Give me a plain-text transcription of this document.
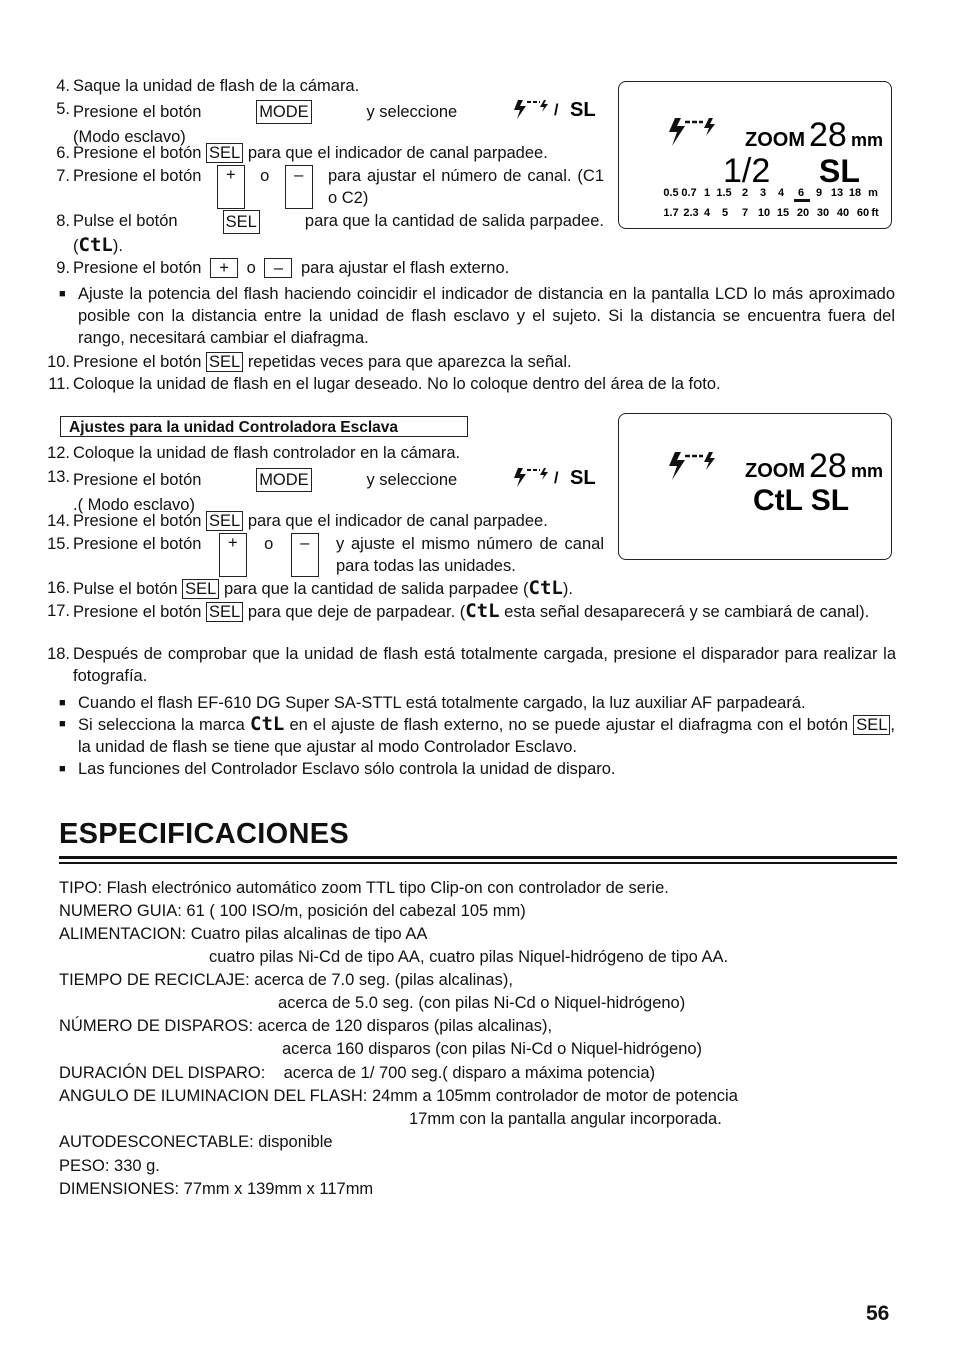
4. Saque la unidad de flash de la cámara.
5. Presione el botón	MODE	y seleccione	/ SL
(Modo esclavo)
6. Presione el botón SEL para que el indicador de canal parpadee.
7. Presione el botón	+	o	–	para ajustar el número de canal. (C1 o C2)
8. Pulse el botón	SEL	para que la cantidad de salida parpadee.
(CtL).
9. Presione el botón + o – para ajustar el flash externo.
ZOOM 28 mm
1/2 SL
0.5 0.7 1 1.5 2 3 4 6 9 13 18 m
1.7 2.3 4 5 7 10 15 20 30 40 60 ft
■ Ajuste la potencia del flash haciendo coincidir el indicador de distancia en la pantalla LCD lo más aproximado posible con la distancia entre la unidad de flash esclavo y el sujeto. Si la distancia se encuentra fuera del rango, necesitará cambiar el diafragma.
10. Presione el botón SEL repetidas veces para que aparezca la señal.
11. Coloque la unidad de flash en el lugar deseado. No lo coloque dentro del área de la foto.
Ajustes para la unidad Controladora Esclava
12. Coloque la unidad de flash controlador en la cámara.
13. Presione el botón	MODE	y seleccione	/ SL
.( Modo esclavo)
14. Presione el botón SEL para que el indicador de canal parpadee.
15. Presione el botón	+	o	–	y ajuste el mismo número de canal para todas las unidades.
ZOOM 28 mm
CtL SL
16. Pulse el botón SEL para que la cantidad de salida parpadee (CtL).
17. Presione el botón SEL para que deje de parpadear. (CtL esta señal desaparecerá y se cambiará de canal).
18. Después de comprobar que la unidad de flash está totalmente cargada, presione el disparador para realizar la fotografía.
■ Cuando el flash EF-610 DG Super SA-STTL está totalmente cargado, la luz auxiliar AF parpadeará.
■ Si selecciona la marca CtL en el ajuste de flash externo, no se puede ajustar el diafragma con el botón SEL , la unidad de flash se tiene que ajustar al modo Controlador Esclavo.
■ Las funciones del Controlador Esclavo sólo controla la unidad de disparo.
ESPECIFICACIONES
TIPO: Flash electrónico automático zoom TTL tipo Clip-on con controlador de serie.
NUMERO GUIA: 61 ( 100 ISO/m, posición del cabezal 105 mm)
ALIMENTACION: Cuatro pilas alcalinas de tipo AA
cuatro pilas Ni-Cd de tipo AA, cuatro pilas Niquel-hidrógeno de tipo AA.
TIEMPO DE RECICLAJE: acerca de 7.0 seg. (pilas alcalinas),
acerca de 5.0 seg. (con pilas Ni-Cd o Niquel-hidrógeno)
NÚMERO DE DISPAROS: acerca de 120 disparos (pilas alcalinas),
acerca 160 disparos (con pilas Ni-Cd o Niquel-hidrógeno)
DURACIÓN DEL DISPARO:    acerca de 1/ 700 seg.( disparo a máxima potencia)
ANGULO DE ILUMINACION DEL FLASH: 24mm a 105mm controlador de motor de potencia
17mm con la pantalla angular incorporada.
AUTODESCONECTABLE: disponible
PESO: 330 g.
DIMENSIONES: 77mm x 139mm x 117mm
56
